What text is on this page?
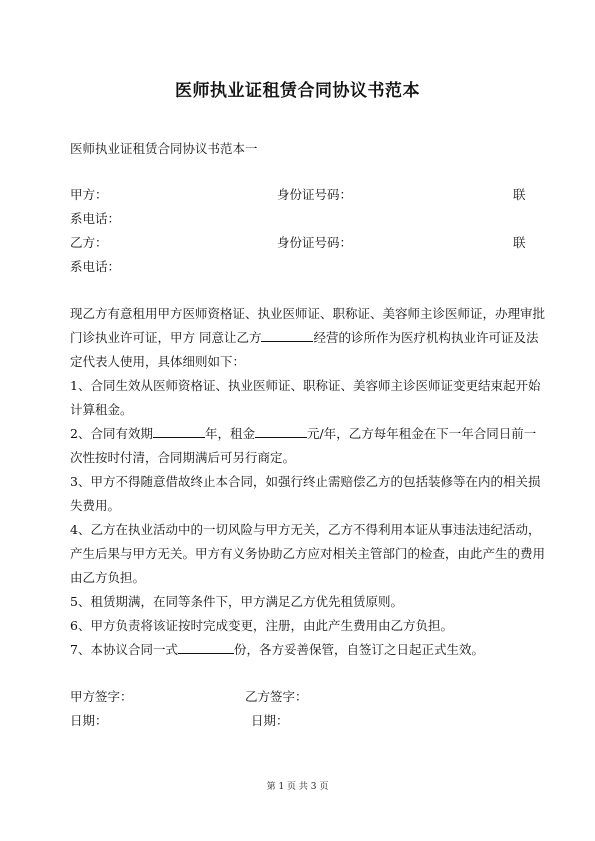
医师执业证租赁合同协议书范本
医师执业证租赁合同协议书范本一
甲方：	身份证号码：	联
系电话：
乙方：	身份证号码：	联
系电话：
现乙方有意租用甲方医师资格证、执业医师证、职称证、美容师主诊医师证，办理审批
门诊执业许可证，甲方 同意让乙方	经营的诊所作为医疗机构执业许可证及法
定代表人使用，具体细则如下：
1、合同生效从医师资格证、执业医师证、职称证、美容师主诊医师证变更结束起开始
计算租金。
2、合同有效期	年，租金	元/年，乙方每年租金在下一年合同日前一
次性按时付清，合同期满后可另行商定。
3、甲方不得随意借故终止本合同，如强行终止需赔偿乙方的包括装修等在内的相关损
失费用。
4、乙方在执业活动中的一切风险与甲方无关，乙方不得利用本证从事违法违纪活动，
产生后果与甲方无关。甲方有义务协助乙方应对相关主管部门的检查，由此产生的费用
由乙方负担。
5、租赁期满，在同等条件下，甲方满足乙方优先租赁原则。
6、甲方负责将该证按时完成变更，注册，由此产生费用由乙方负担。
7、本协议合同一式	份，各方妥善保管，自签订之日起正式生效。
甲方签字：	乙方签字：
日期：	日期：
第 1 页 共 3 页
